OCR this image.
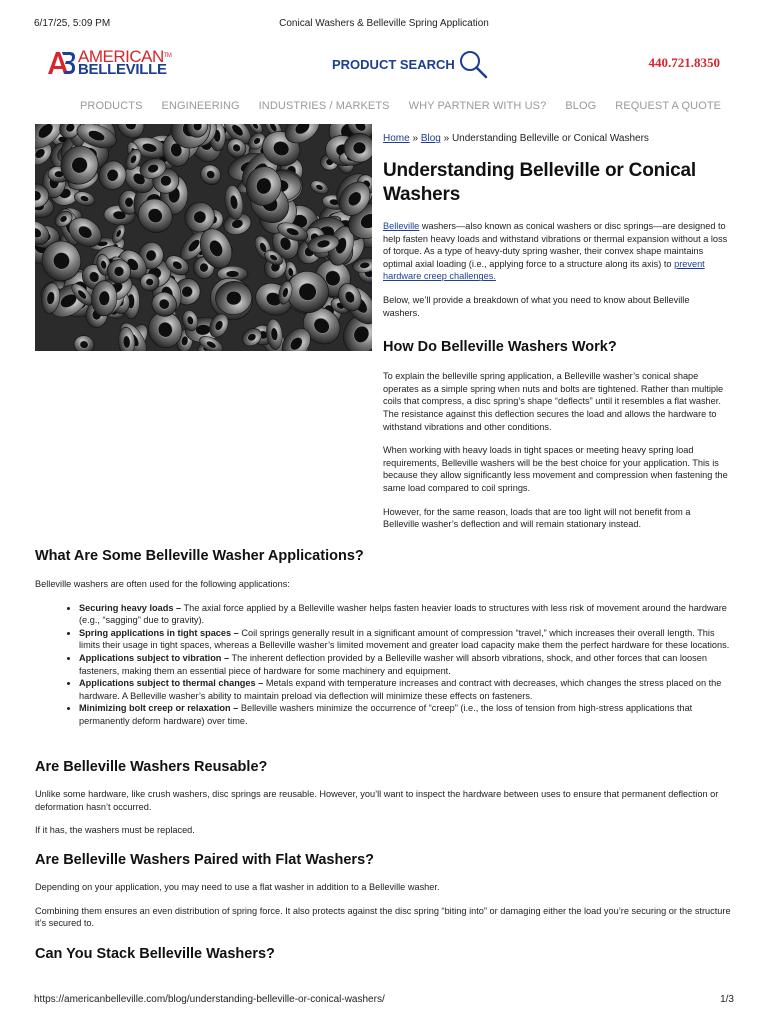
6/17/25, 5:09 PM	Conical Washers & Belleville Spring Application
AMERICAN™
BELLEVILLE	PRODUCT SEARCH	440.721.8350
PRODUCTS ENGINEERING INDUSTRIES / MARKETS WHY PARTNER WITH US? BLOG REQUEST A QUOTE
Home » Blog » Understanding Belleville or Conical Washers
Understanding Belleville or Conical Washers

Belleville washers—also known as conical washers or disc springs—are designed to help fasten heavy loads and withstand vibrations or thermal expansion without a loss of torque. As a type of heavy-duty spring washer, their convex shape maintains optimal axial loading (i.e., applying force to a structure along its axis) to prevent hardware creep challenges.

Below, we’ll provide a breakdown of what you need to know about Belleville washers.

How Do Belleville Washers Work?

To explain the belleville spring application, a Belleville washer’s conical shape operates as a simple spring when nuts and bolts are tightened. Rather than multiple coils that compress, a disc spring’s shape “deflects” until it resembles a flat washer. The resistance against this deflection secures the load and allows the hardware to withstand vibrations and other conditions.

When working with heavy loads in tight spaces or meeting heavy spring load requirements, Belleville washers will be the best choice for your application. This is because they allow significantly less movement and compression when fastening the same load compared to coil springs.

However, for the same reason, loads that are too light will not benefit from a Belleville washer’s deflection and will remain stationary instead.

What Are Some Belleville Washer Applications?

Belleville washers are often used for the following applications:

• Securing heavy loads – The axial force applied by a Belleville washer helps fasten heavier loads to structures with less risk of movement around the hardware (e.g., “sagging” due to gravity).
• Spring applications in tight spaces – Coil springs generally result in a significant amount of compression “travel,” which increases their overall length. This limits their usage in tight spaces, whereas a Belleville washer’s limited movement and greater load capacity make them the perfect hardware for these locations.
• Applications subject to vibration – The inherent deflection provided by a Belleville washer will absorb vibrations, shock, and other forces that can loosen fasteners, making them an essential piece of hardware for some machinery and equipment.
• Applications subject to thermal changes – Metals expand with temperature increases and contract with decreases, which changes the stress placed on the hardware. A Belleville washer’s ability to maintain preload via deflection will minimize these effects on fasteners.
• Minimizing bolt creep or relaxation – Belleville washers minimize the occurrence of “creep” (i.e., the loss of tension from high-stress applications that permanently deform hardware) over time.
Are Belleville Washers Reusable?

Unlike some hardware, like crush washers, disc springs are reusable. However, you’ll want to inspect the hardware between uses to ensure that permanent deflection or deformation hasn’t occurred.

If it has, the washers must be replaced.

Are Belleville Washers Paired with Flat Washers?

Depending on your application, you may need to use a flat washer in addition to a Belleville washer.

Combining them ensures an even distribution of spring force. It also protects against the disc spring “biting into” or damaging either the load you’re securing or the structure it’s secured to.

Can You Stack Belleville Washers?
https://americanbelleville.com/blog/understanding-belleville-or-conical-washers/	1/3
